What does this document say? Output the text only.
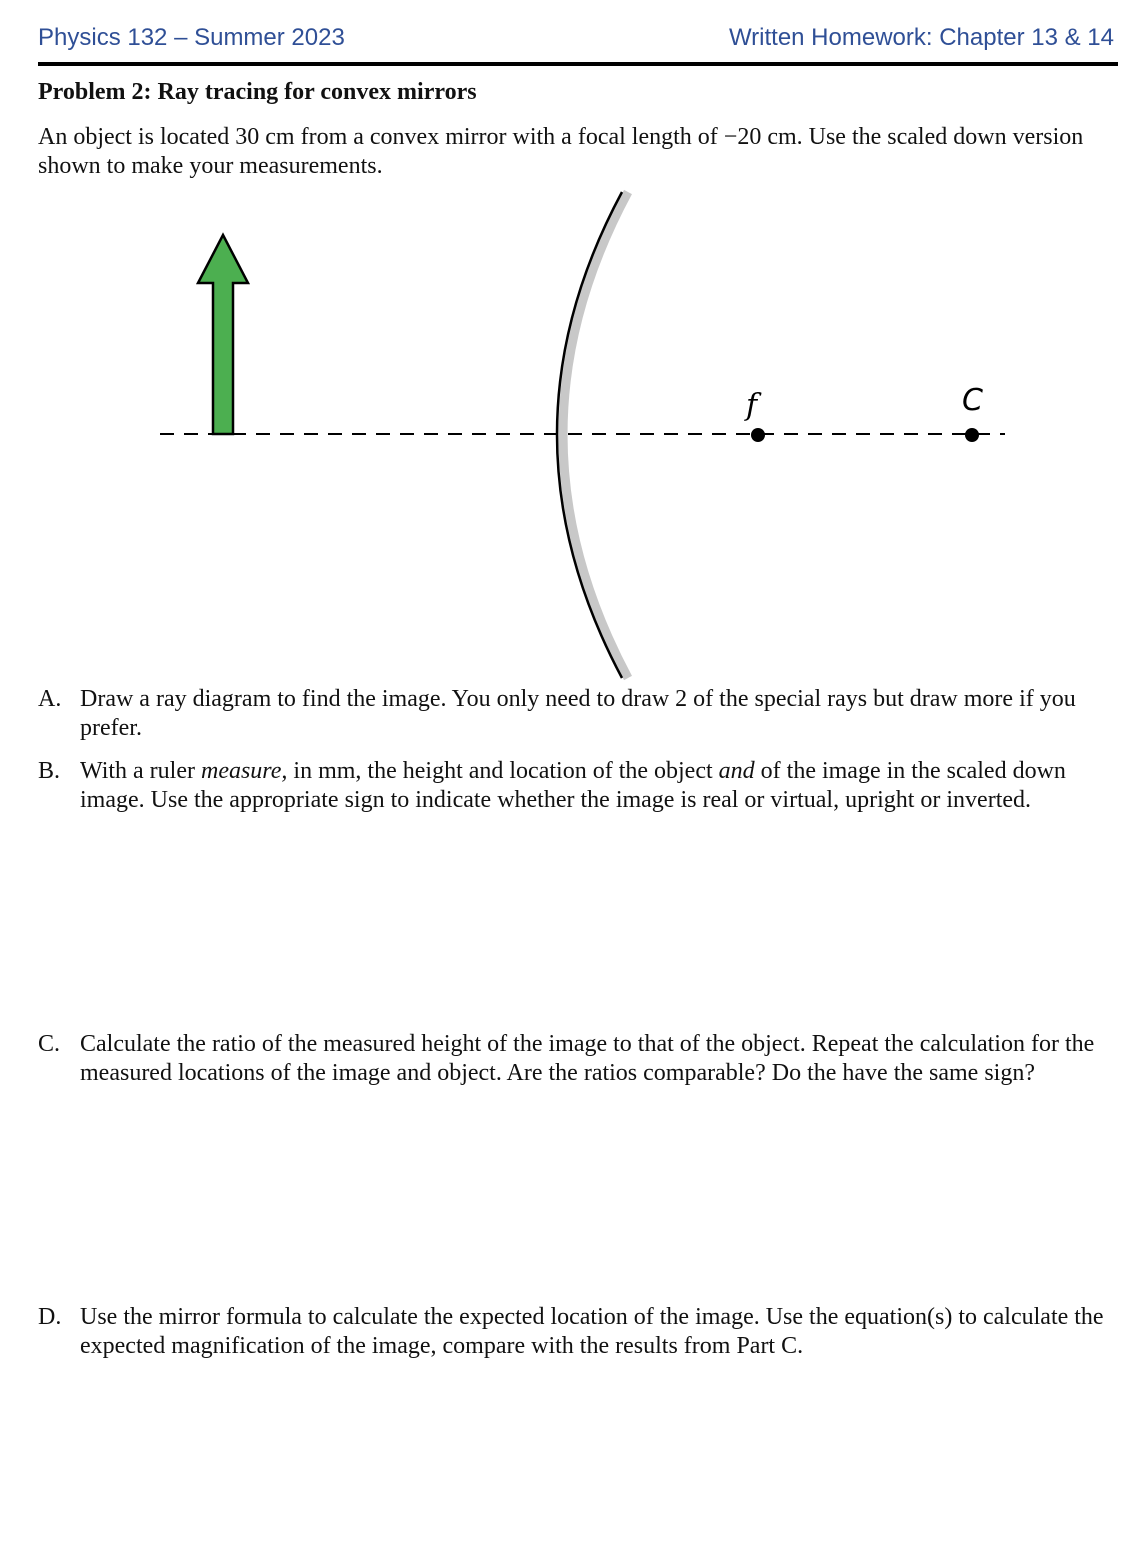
Physics 132 – Summer 2023	Written Homework: Chapter 13 & 14
Problem 2: Ray tracing for convex mirrors
An object is located 30 cm from a convex mirror with a focal length of −20 cm. Use the scaled down version shown to make your measurements.
f	C
A. Draw a ray diagram to find the image. You only need to draw 2 of the special rays but draw more if you prefer.
B. With a ruler measure, in mm, the height and location of the object and of the image in the scaled down image. Use the appropriate sign to indicate whether the image is real or virtual, upright or inverted.
C. Calculate the ratio of the measured height of the image to that of the object. Repeat the calculation for the measured locations of the image and object. Are the ratios comparable? Do the have the same sign?
D. Use the mirror formula to calculate the expected location of the image. Use the equation(s) to calculate the expected magnification of the image, compare with the results from Part C.
